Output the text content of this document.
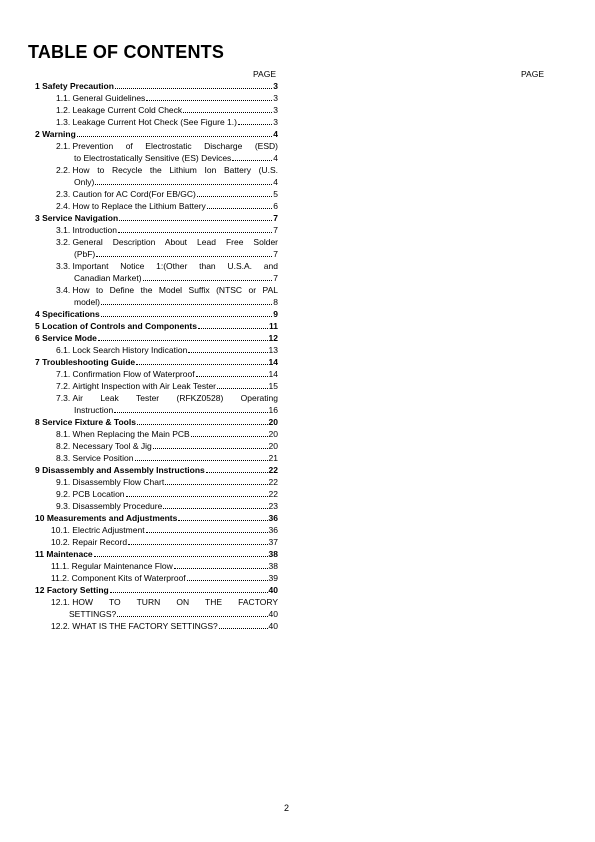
TABLE OF CONTENTS
PAGE	PAGE
1 Safety Precaution	3
1.1. General Guidelines	3
1.2. Leakage Current Cold Check	3
1.3. Leakage Current Hot Check (See Figure 1.)	3
2 Warning	4
2.1. Prevention of Electrostatic Discharge (ESD)
to Electrostatically Sensitive (ES) Devices	4
2.2. How to Recycle the Lithium Ion Battery (U.S.
Only)	4
2.3. Caution for AC Cord(For EB/GC)	5
2.4. How to Replace the Lithium Battery	6
3 Service Navigation	7
3.1. Introduction	7
3.2. General Description About Lead Free Solder
(PbF)	7
3.3. Important Notice 1:(Other than U.S.A. and
Canadian Market)	7
3.4. How to Define the Model Suffix (NTSC or PAL
model)	8
4 Specifications	9
5 Location of Controls and Components	11
6 Service Mode	12
6.1. Lock Search History Indication	13
7 Troubleshooting Guide	14
7.1. Confirmation Flow of Waterproof	14
7.2. Airtight Inspection with Air Leak Tester	15
7.3. Air Leak Tester (RFKZ0528) Operating
Instruction	16
8 Service Fixture & Tools	20
8.1. When Replacing the Main PCB	20
8.2. Necessary Tool & Jig	20
8.3. Service Position	21
9 Disassembly and Assembly Instructions	22
9.1. Disassembly Flow Chart	22
9.2. PCB Location	22
9.3. Disassembly Procedure	23
10 Measurements and Adjustments	36
10.1. Electric Adjustment	36
10.2. Repair Record	37
11 Maintenace	38
11.1. Regular Maintenance Flow	38
11.2. Component Kits of Waterproof	39
12 Factory Setting	40
12.1. HOW TO TURN ON THE FACTORY
SETTINGS?	40
12.2. WHAT IS THE FACTORY SETTINGS?	40
2
